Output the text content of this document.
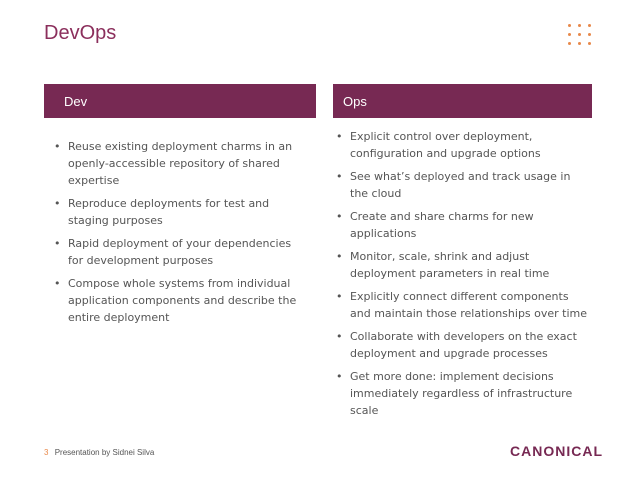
DevOps
Dev	Ops
• Reuse existing deployment charms in an openly-accessible repository of shared expertise
• Reproduce deployments for test and staging purposes
• Rapid deployment of your dependencies for development purposes
• Compose whole systems from individual application components and describe the entire deployment
• Explicit control over deployment, configuration and upgrade options
• See what’s deployed and track usage in the cloud
• Create and share charms for new applications
• Monitor, scale, shrink and adjust deployment parameters in real time
• Explicitly connect different components and maintain those relationships over time
• Collaborate with developers on the exact deployment and upgrade processes
• Get more done: implement decisions immediately regardless of infrastructure scale
3 Presentation by Sidnei Silva	CANONICAL
